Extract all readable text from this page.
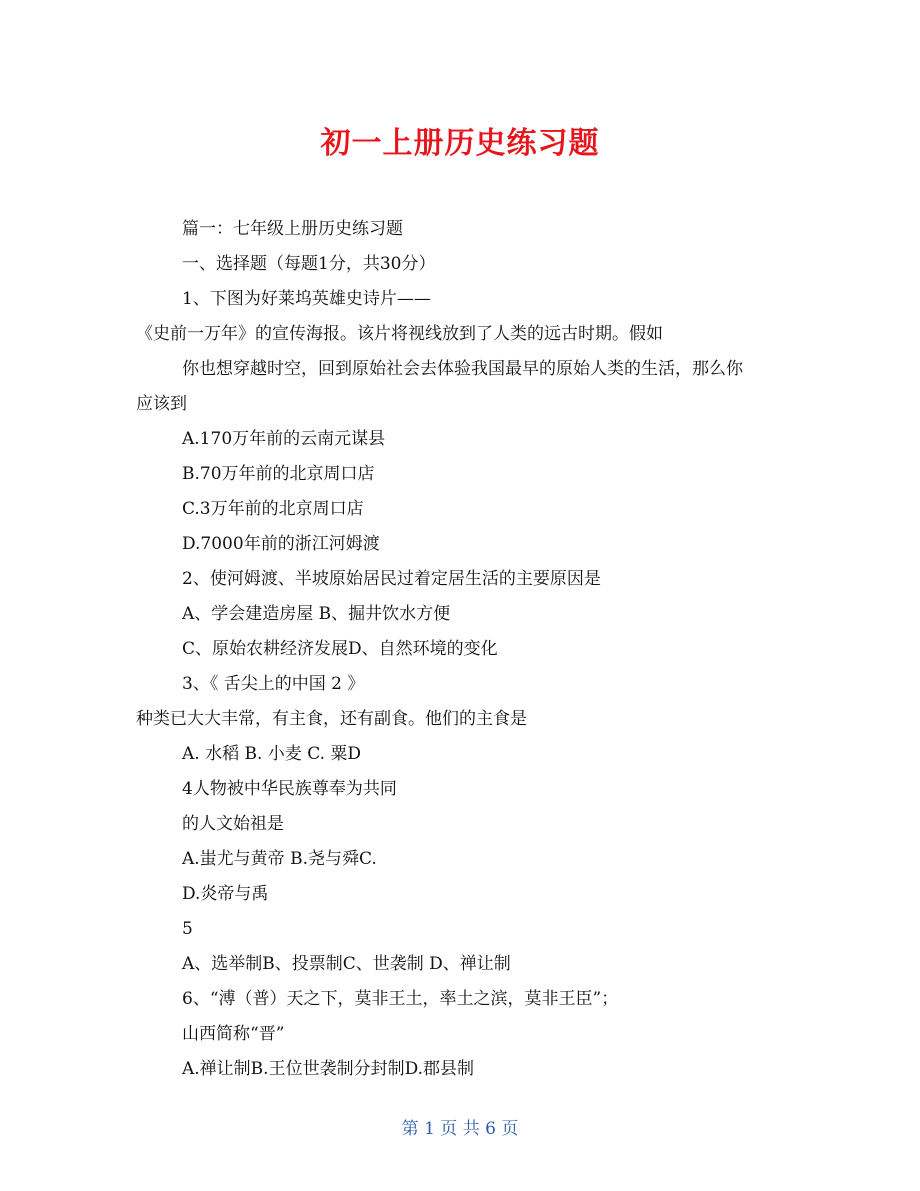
初一上册历史练习题
篇一：七年级上册历史练习题
一、选择题（每题1分，共30分）
1、下图为好莱坞英雄史诗片——
《史前一万年》的宣传海报。该片将视线放到了人类的远古时期。假如
你也想穿越时空，回到原始社会去体验我国最早的原始人类的生活，那么你
应该到
A.170万年前的云南元谋县
B.70万年前的北京周口店
C.3万年前的北京周口店
D.7000年前的浙江河姆渡
2、使河姆渡、半坡原始居民过着定居生活的主要原因是
A、学会建造房屋 B、掘井饮水方便
C、原始农耕经济发展D、自然环境的变化
3、《 舌尖上的中国 2 》
种类已大大丰常，有主食，还有副食。他们的主食是
A. 水稻 B. 小麦 C. 粟D
4人物被中华民族尊奉为共同
的人文始祖是
A.蚩尤与黄帝 B.尧与舜C.
D.炎帝与禹
5
A、选举制B、投票制C、世袭制 D、禅让制
6、“溥（普）天之下，莫非王土，率土之滨，莫非王臣”；
山西简称“晋”
A.禅让制B.王位世袭制分封制D.郡县制
第 1 页 共 6 页
